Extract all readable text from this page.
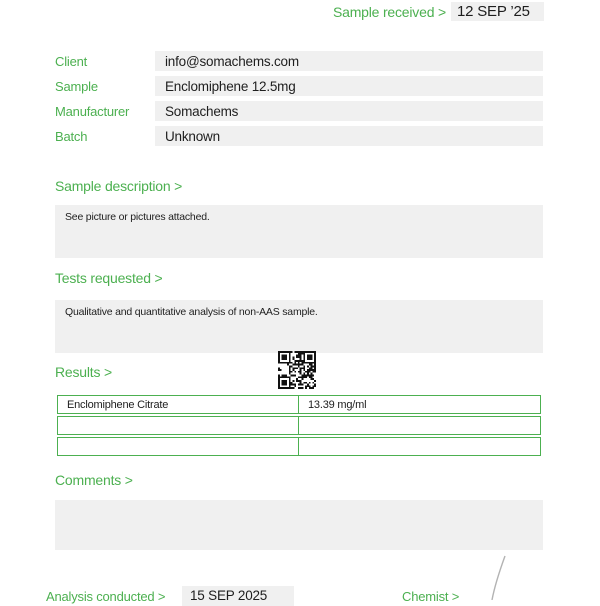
Sample received > 12 SEP ’25
Client	info@somachems.com
Sample	Enclomiphene 12.5mg
Manufacturer	Somachems
Batch	Unknown
Sample description >
See picture or pictures attached.
Tests requested >
Qualitative and quantitative analysis of non-AAS sample.
Results >
Enclomiphene Citrate	13.39 mg/ml
Comments >
Analysis conducted >	15 SEP 2025	Chemist >
